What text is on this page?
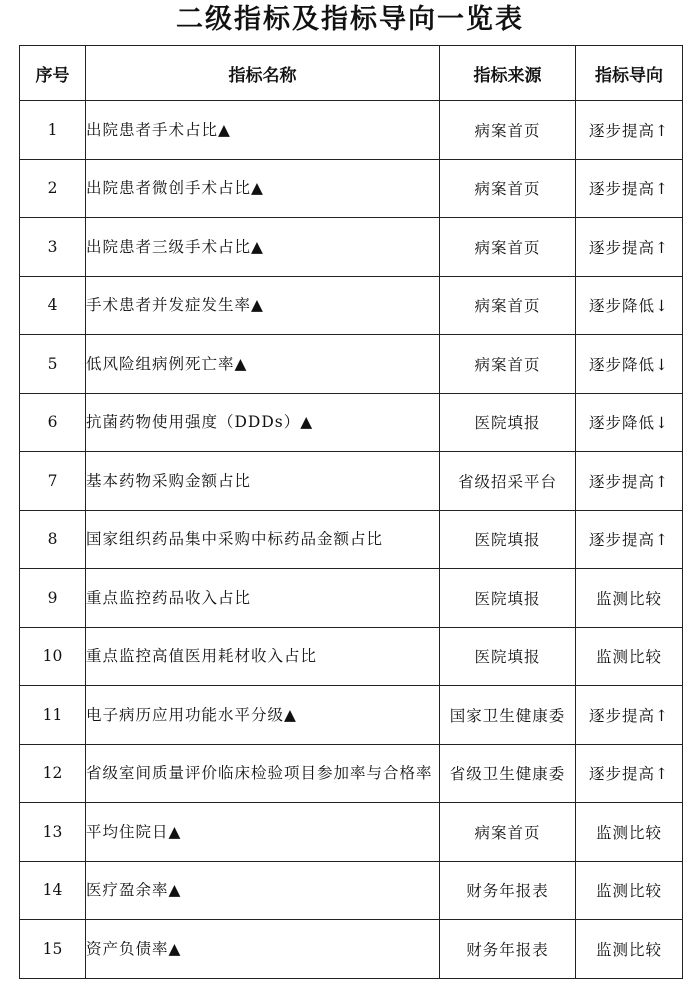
二级指标及指标导向一览表
序号	指标名称	指标来源	指标导向
1	出院患者手术占比▲	病案首页	逐步提高↑
2	出院患者微创手术占比▲	病案首页	逐步提高↑
3	出院患者三级手术占比▲	病案首页	逐步提高↑
4	手术患者并发症发生率▲	病案首页	逐步降低↓
5	低风险组病例死亡率▲	病案首页	逐步降低↓
6	抗菌药物使用强度（DDDs）▲	医院填报	逐步降低↓
7	基本药物采购金额占比	省级招采平台	逐步提高↑
8	国家组织药品集中采购中标药品金额占比	医院填报	逐步提高↑
9	重点监控药品收入占比	医院填报	监测比较
10	重点监控高值医用耗材收入占比	医院填报	监测比较
11	电子病历应用功能水平分级▲	国家卫生健康委	逐步提高↑
12	省级室间质量评价临床检验项目参加率与合格率	省级卫生健康委	逐步提高↑
13	平均住院日▲	病案首页	监测比较
14	医疗盈余率▲	财务年报表	监测比较
15	资产负债率▲	财务年报表	监测比较
